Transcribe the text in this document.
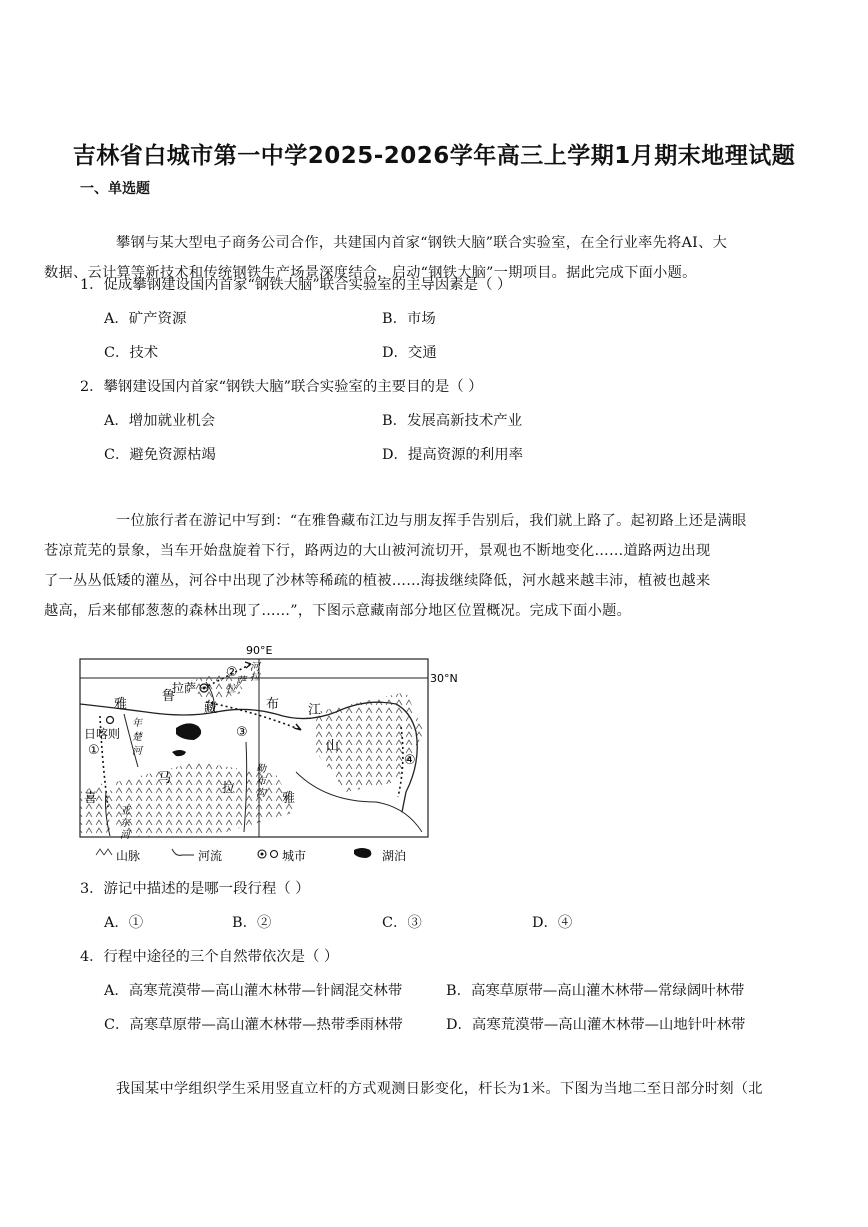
吉林省白城市第一中学2025-2026学年高三上学期1月期末地理试题
一、单选题
攀钢与某大型电子商务公司合作，共建国内首家“钢铁大脑”联合实验室，在全行业率先将AI、大
数据、云计算等新技术和传统钢铁生产场景深度结合，启动“钢铁大脑”一期项目。据此完成下面小题。
1．促成攀钢建设国内首家“钢铁大脑”联合实验室的主导因素是（ ）
A．矿产资源	B．市场
C．技术	D．交通
2．攀钢建设国内首家“钢铁大脑”联合实验室的主要目的是（ ）
A．增加就业机会	B．发展高新技术产业
C．避免资源枯竭	D．提高资源的利用率
一位旅行者在游记中写到：“在雅鲁藏布江边与朋友挥手告别后，我们就上路了。起初路上还是满眼
苍凉荒芜的景象，当车开始盘旋着下行，路两边的大山被河流切开，景观也不断地变化……道路两边出现
了一丛丛低矮的灌丛，河谷中出现了沙林等稀疏的植被……海拔继续降低，河水越来越丰沛，植被也越来
越高，后来郁郁葱葱的森林出现了……”，下图示意藏南部分地区位置概况。完成下面小题。
90°E
30°N
拉萨
日喀则
雅
鲁
藏	布 江
拉
萨 拉
河
年
楚
河
亚
东
河
喜
马
拉
雅
勒
布
沟
山
①
②
③
④
山脉	河流	城市	湖泊
3．游记中描述的是哪一段行程（ ）
A．①	B．②	C．③	D．④
4．行程中途径的三个自然带依次是（ ）
A．高寒荒漠带—高山灌木林带—针阔混交林带	B．高寒草原带—高山灌木林带—常绿阔叶林带
C．高寒草原带—高山灌木林带—热带季雨林带	D．高寒荒漠带—高山灌木林带—山地针叶林带
我国某中学组织学生采用竖直立杆的方式观测日影变化，杆长为1米。下图为当地二至日部分时刻（北
